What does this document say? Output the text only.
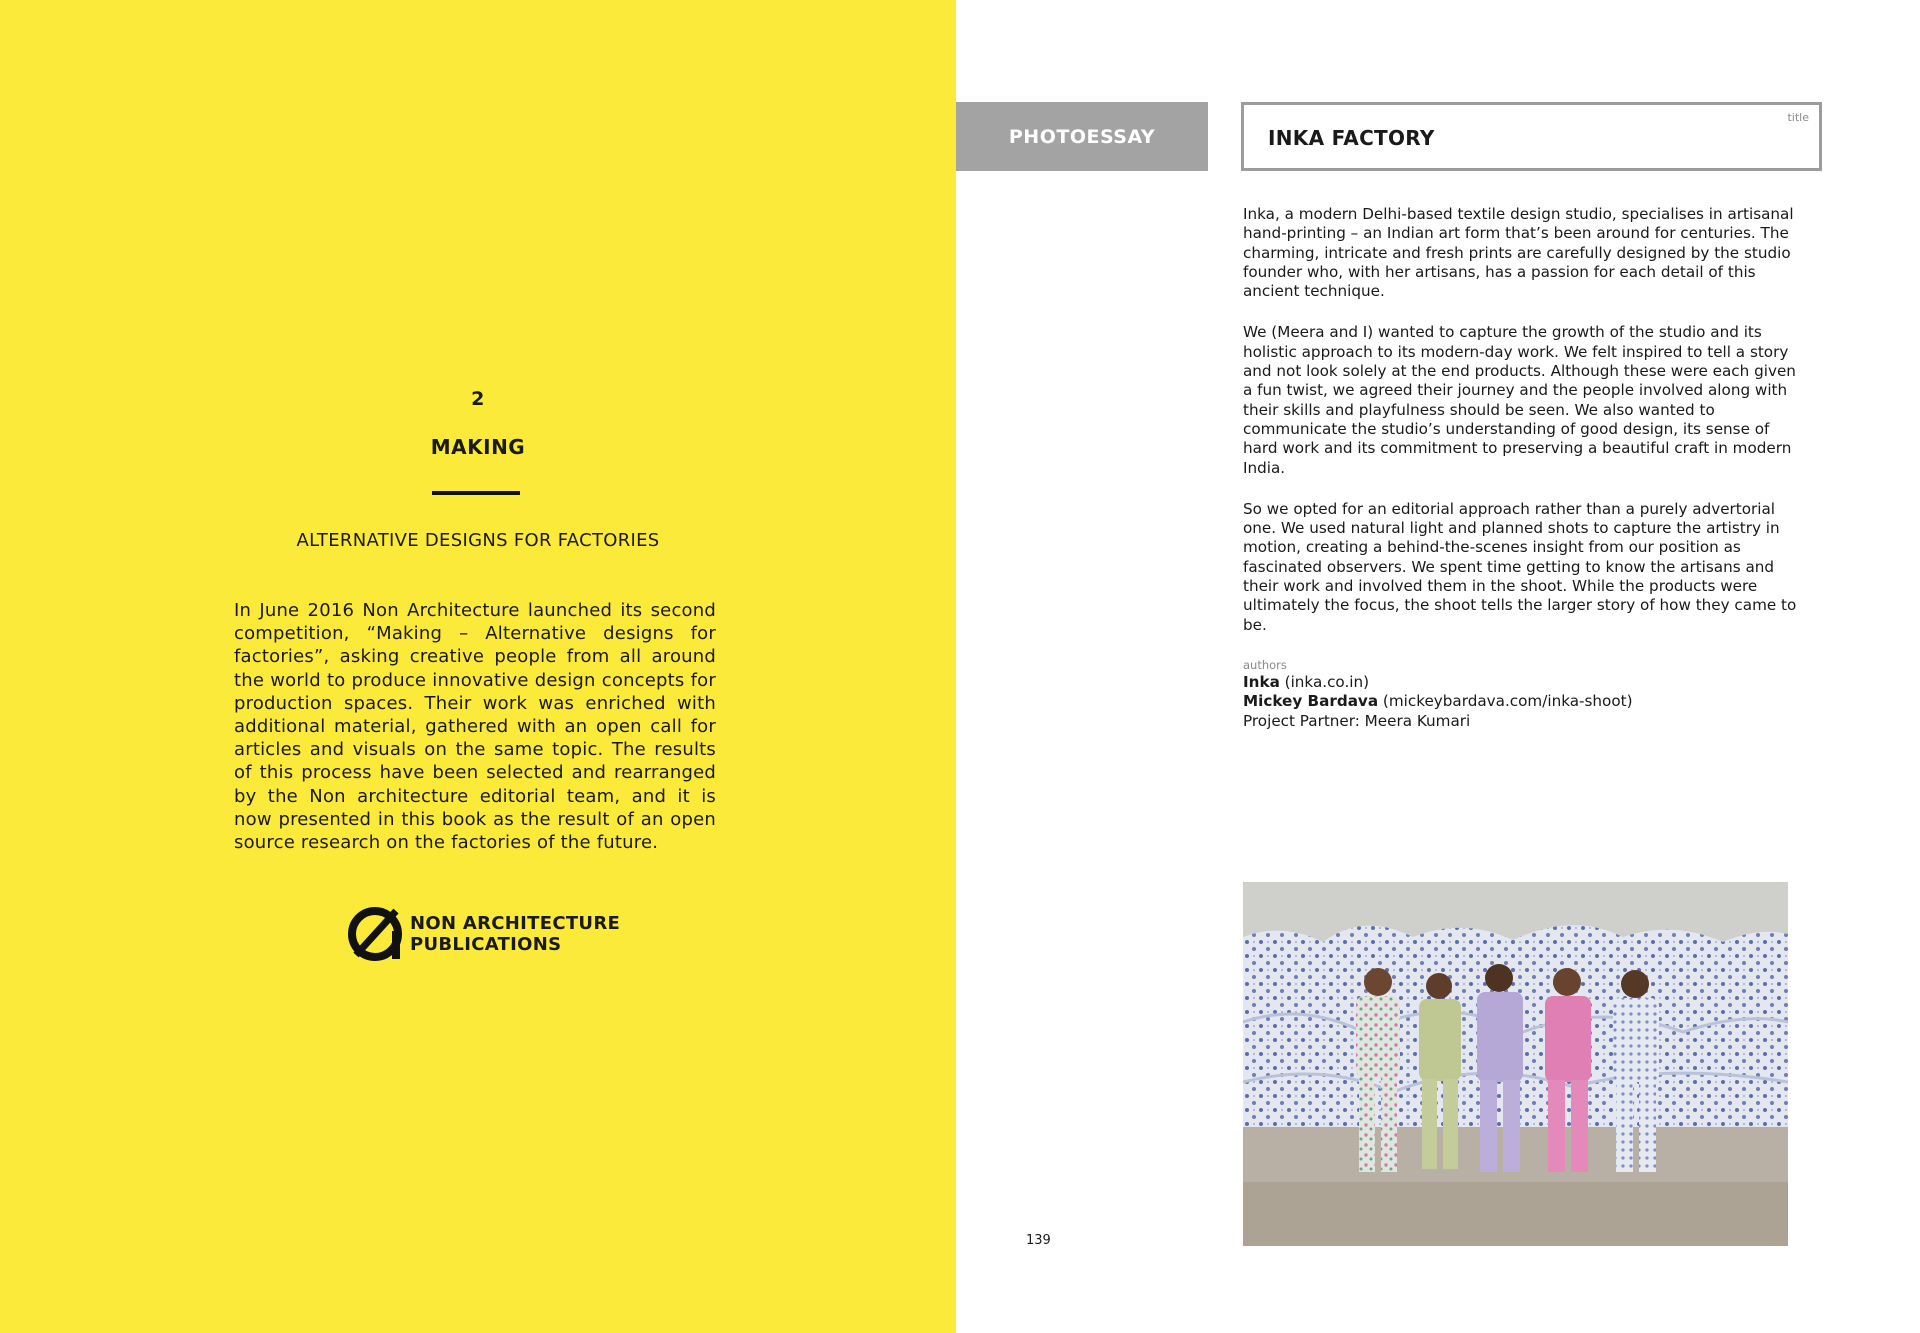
2
MAKING
ALTERNATIVE DESIGNS FOR FACTORIES
In June 2016 Non Architecture launched its second competition, “Making – Alternative designs for factories”, asking creative people from all around the world to produce innovative design concepts for production spaces. Their work was enriched with additional material, gathered with an open call for articles and visuals on the same topic. The results of this process have been selected and rearranged by the Non architecture editorial team, and it is now presented in this book as the result of an open source research on the factories of the future.
NON ARCHITECTURE
PUBLICATIONS
PHOTOESSAY
title
INKA FACTORY

Inka, a modern Delhi-based textile design studio, specialises in artisanal hand-printing – an Indian art form that’s been around for centuries. The charming, intricate and fresh prints are carefully designed by the studio founder who, with her artisans, has a passion for each detail of this ancient technique.

We (Meera and I) wanted to capture the growth of the studio and its holistic approach to its modern-day work. We felt inspired to tell a story and not look solely at the end products. Although these were each given a fun twist, we agreed their journey and the people involved along with their skills and playfulness should be seen. We also wanted to communicate the studio’s understanding of good design, its sense of hard work and its commitment to preserving a beautiful craft in modern India.

So we opted for an editorial approach rather than a purely advertorial one. We used natural light and planned shots to capture the artistry in motion, creating a behind-the-scenes insight from our position as fascinated observers. We spent time getting to know the artisans and their work and involved them in the shoot. While the products were ultimately the focus, the shoot tells the larger story of how they came to be.

authors
Inka (inka.co.in)
Mickey Bardava (mickeybardava.com/inka-shoot)
Project Partner: Meera Kumari
139
